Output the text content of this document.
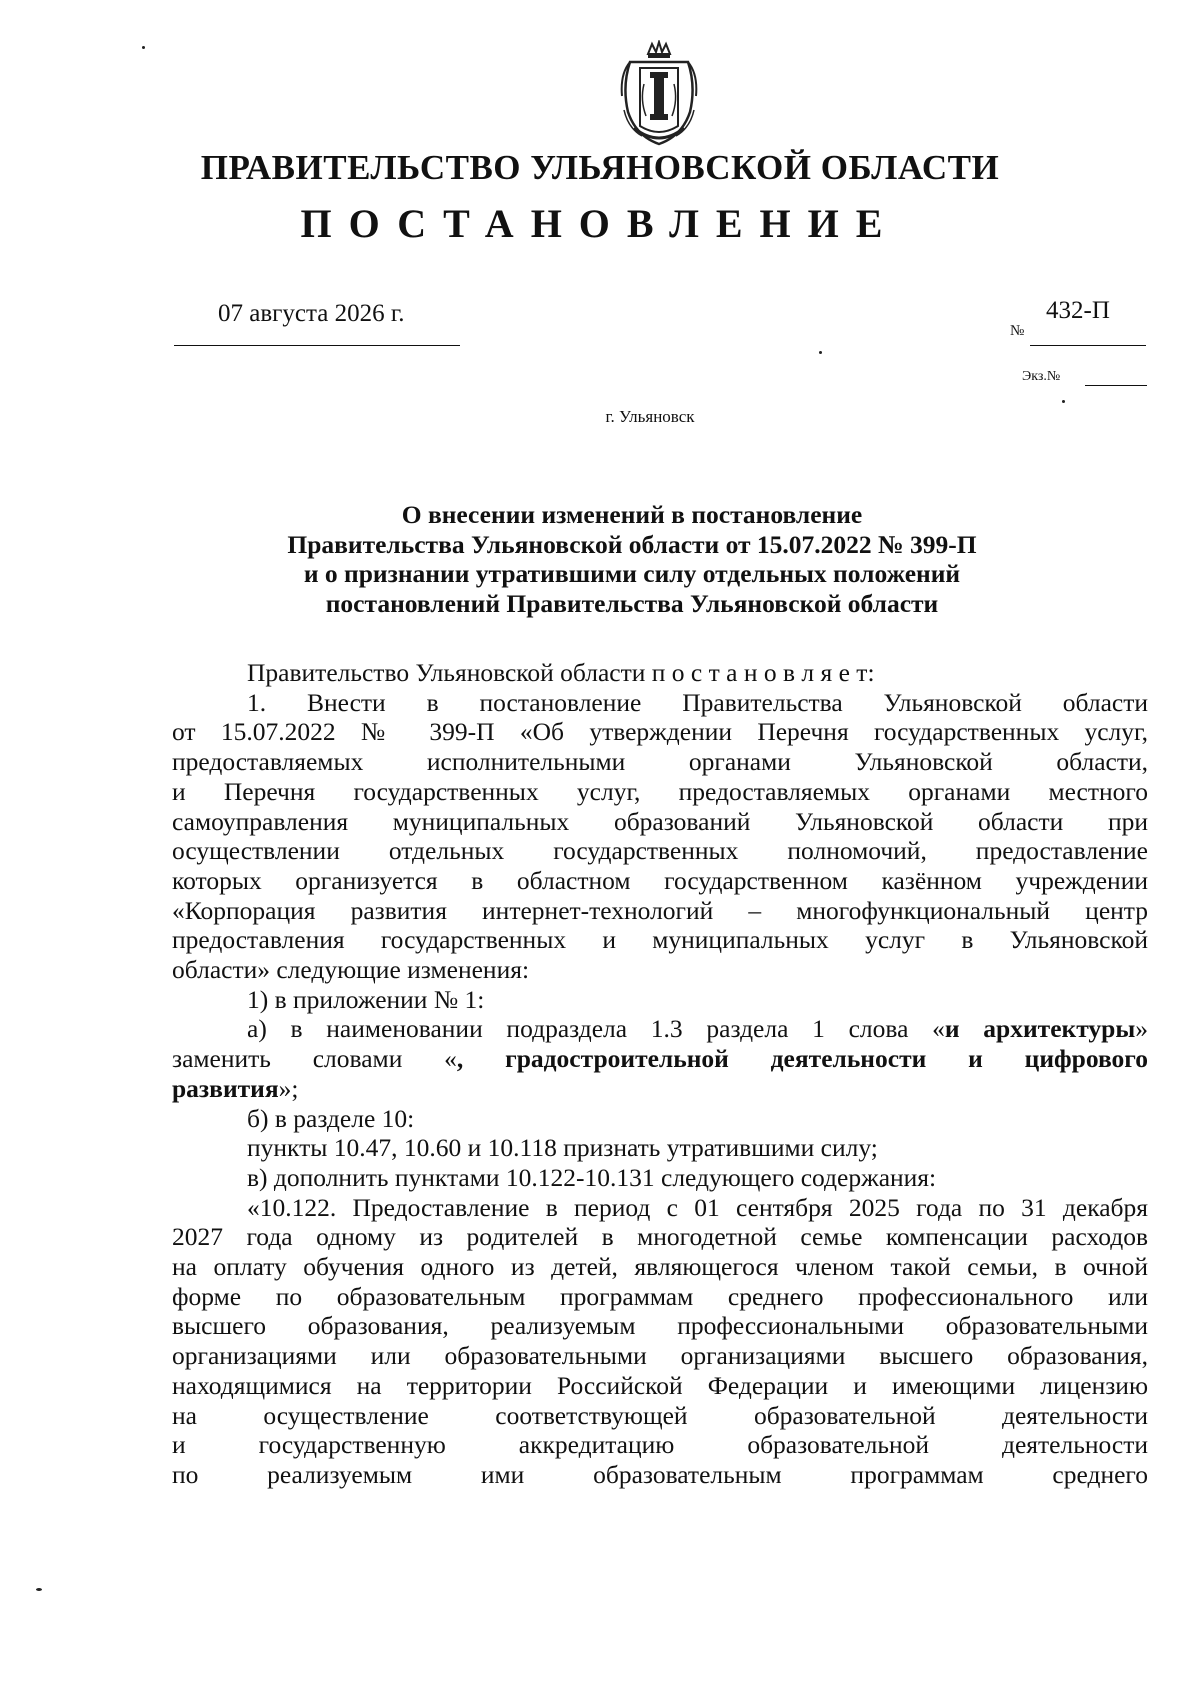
ПРАВИТЕЛЬСТВО УЛЬЯНОВСКОЙ ОБЛАСТИ
ПОСТАНОВЛЕНИЕ
07 августа 2026 г.
№
432-П
Экз.№
г. Ульяновск
О внесении изменений в постановление
Правительства Ульяновской области от 15.07.2022 № 399-П
и о признании утратившими силу отдельных положений
постановлений Правительства Ульяновской области
Правительство Ульяновской области п о с т а н о в л я е т:
1. Внести в постановление Правительства Ульяновской области
от 15.07.2022 № 399-П «Об утверждении Перечня государственных услуг,
предоставляемых исполнительными органами Ульяновской области,
и Перечня государственных услуг, предоставляемых органами местного
самоуправления муниципальных образований Ульяновской области при
осуществлении отдельных государственных полномочий, предоставление
которых организуется в областном государственном казённом учреждении
«Корпорация развития интернет-технологий – многофункциональный центр
предоставления государственных и муниципальных услуг в Ульяновской
области» следующие изменения:
1) в приложении № 1:
а) в наименовании подраздела 1.3 раздела 1 слова «и архитектуры»
заменить словами «, градостроительной деятельности и цифрового
развития»;
б) в разделе 10:
пункты 10.47, 10.60 и 10.118 признать утратившими силу;
в) дополнить пунктами 10.122-10.131 следующего содержания:
«10.122. Предоставление в период с 01 сентября 2025 года по 31 декабря
2027 года одному из родителей в многодетной семье компенсации расходов
на оплату обучения одного из детей, являющегося членом такой семьи, в очной
форме по образовательным программам среднего профессионального или
высшего образования, реализуемым профессиональными образовательными
организациями или образовательными организациями высшего образования,
находящимися на территории Российской Федерации и имеющими лицензию
на осуществление соответствующей образовательной деятельности
и государственную аккредитацию образовательной деятельности
по реализуемым ими образовательным программам среднего
